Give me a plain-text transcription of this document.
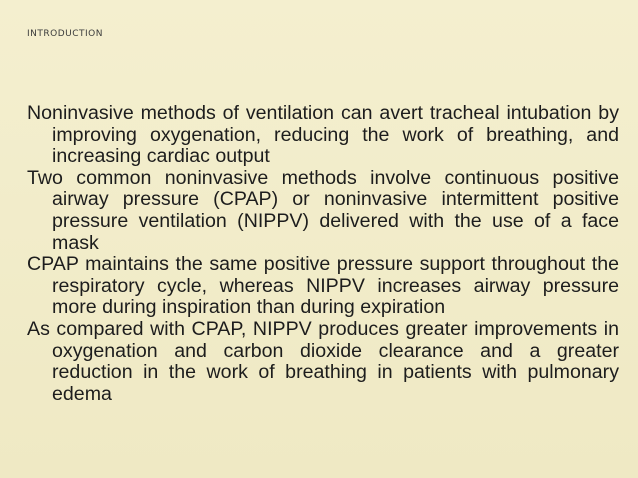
INTRODUCTION

Noninvasive methods of ventilation can avert tracheal intubation by improving oxygenation, reducing the work of breathing, and increasing cardiac output

Two common noninvasive methods involve continuous positive airway pressure (CPAP) or noninvasive intermittent positive pressure ventilation (NIPPV) delivered with the use of a face mask

CPAP maintains the same positive pressure support throughout the respiratory cycle, whereas NIPPV increases airway pressure more during inspiration than during expiration

As compared with CPAP, NIPPV produces greater improvements in oxygenation and carbon dioxide clearance and a greater reduction in the work of breathing in patients with pulmonary edema
